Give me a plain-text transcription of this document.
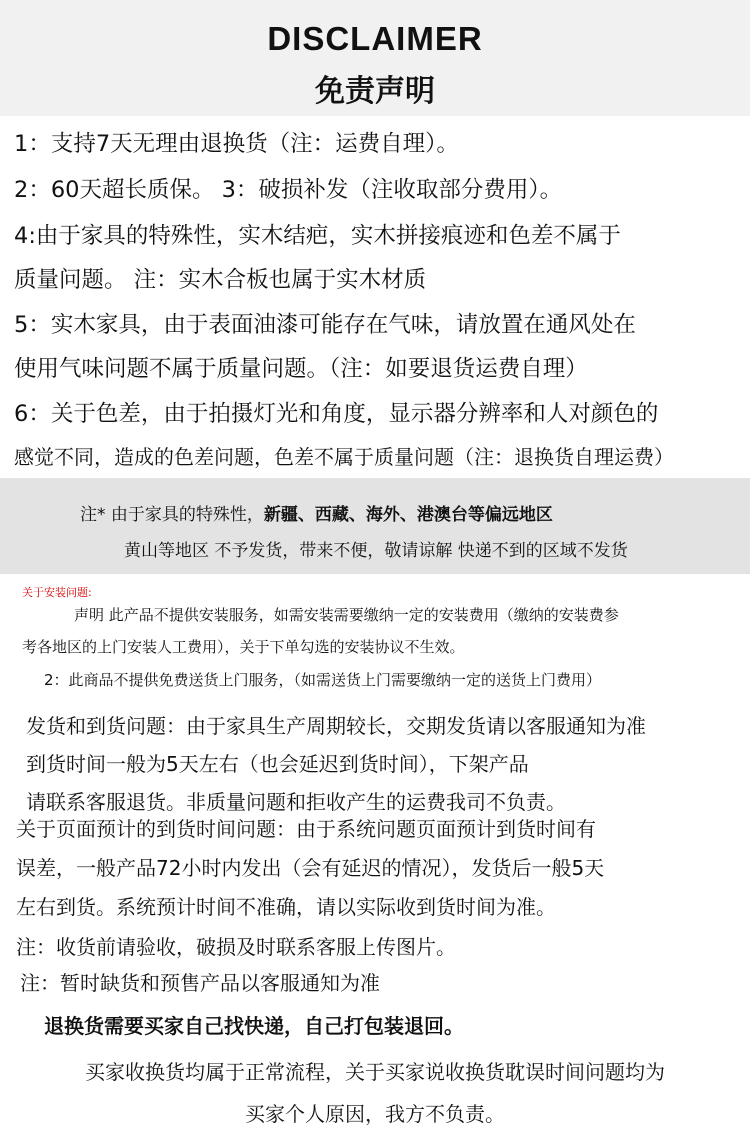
DISCLAIMER
免责声明
1：支持7天无理由退换货（注：运费自理）。
2：60天超长质保。 3：破损补发（注收取部分费用）。
4:由于家具的特殊性，实木结疤，实木拼接痕迹和色差不属于
质量问题。 注：实木合板也属于实木材质
5：实木家具，由于表面油漆可能存在气味，请放置在通风处在
使用气味问题不属于质量问题。（注：如要退货运费自理）
6：关于色差，由于拍摄灯光和角度，显示器分辨率和人对颜色的
感觉不同，造成的色差问题，色差不属于质量问题（注：退换货自理运费）
注* 由于家具的特殊性，新疆、西藏、海外、港澳台等偏远地区
黄山等地区 不予发货，带来不便，敬请谅解 快递不到的区域不发货
关于安装问题:
声明 此产品不提供安装服务，如需安装需要缴纳一定的安装费用（缴纳的安装费参
考各地区的上门安装人工费用），关于下单勾选的安装协议不生效。
2：此商品不提供免费送货上门服务，（如需送货上门需要缴纳一定的送货上门费用）
发货和到货问题：由于家具生产周期较长，交期发货请以客服通知为准
到货时间一般为5天左右（也会延迟到货时间），下架产品
请联系客服退货。非质量问题和拒收产生的运费我司不负责。
关于页面预计的到货时间问题：由于系统问题页面预计到货时间有
误差，一般产品72小时内发出（会有延迟的情况），发货后一般5天
左右到货。系统预计时间不准确，请以实际收到货时间为准。
注：收货前请验收，破损及时联系客服上传图片。
注：暂时缺货和预售产品以客服通知为准
退换货需要买家自己找快递，自己打包装退回。
买家收换货均属于正常流程，关于买家说收换货耽误时间问题均为
买家个人原因，我方不负责。
